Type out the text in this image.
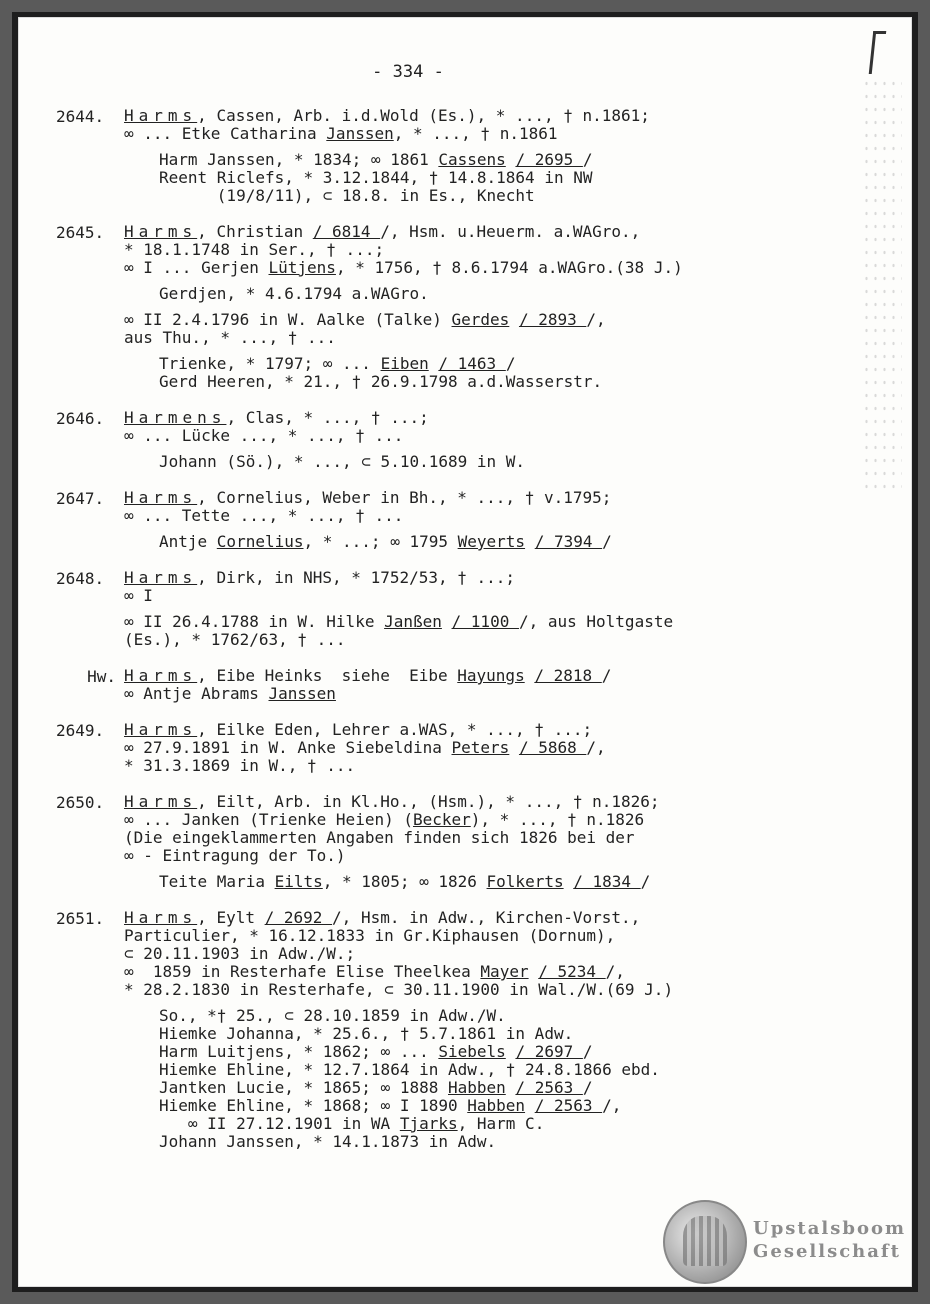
- 334 -
2644.	Harms, Cassen, Arb. i.d.Wold (Es.), * ..., † n.1861;
∞ ... Etke Catharina Janssen, * ..., † n.1861
Harm Janssen, * 1834; ∞ 1861 Cassens / 2695 /
Reent Riclefs, * 3.12.1844, † 14.8.1864 in NW
(19/8/11), ⊂ 18.8. in Es., Knecht
2645.	Harms, Christian / 6814 /, Hsm. u.Heuerm. a.WAGro.,
* 18.1.1748 in Ser., † ...;
∞ I ... Gerjen Lütjens, * 1756, † 8.6.1794 a.WAGro.(38 J.)
Gerdjen, * 4.6.1794 a.WAGro.
∞ II 2.4.1796 in W. Aalke (Talke) Gerdes / 2893 /,
aus Thu., * ..., † ...
Trienke, * 1797; ∞ ... Eiben / 1463 /
Gerd Heeren, * 21., † 26.9.1798 a.d.Wasserstr.
2646.	Harmens, Clas, * ..., † ...;
∞ ... Lücke ..., * ..., † ...
Johann (Sö.), * ..., ⊂ 5.10.1689 in W.
2647.	Harms, Cornelius, Weber in Bh., * ..., † v.1795;
∞ ... Tette ..., * ..., † ...
Antje Cornelius, * ...; ∞ 1795 Weyerts / 7394 /
2648.	Harms, Dirk, in NHS, * 1752/53, † ...;
∞ I
∞ II 26.4.1788 in W. Hilke Janßen / 1100 /, aus Holtgaste
(Es.), * 1762/63, † ...
Hw. Harms, Eibe Heinks  siehe  Eibe Hayungs / 2818 /
∞ Antje Abrams Janssen
2649.	Harms, Eilke Eden, Lehrer a.WAS, * ..., † ...;
∞ 27.9.1891 in W. Anke Siebeldina Peters / 5868 /,
* 31.3.1869 in W., † ...
2650.	Harms, Eilt, Arb. in Kl.Ho., (Hsm.), * ..., † n.1826;
∞ ... Janken (Trienke Heien) (Becker), * ..., † n.1826
(Die eingeklammerten Angaben finden sich 1826 bei der
∞ - Eintragung der To.)
Teite Maria Eilts, * 1805; ∞ 1826 Folkerts / 1834 /
2651.	Harms, Eylt / 2692 /, Hsm. in Adw., Kirchen-Vorst.,
Particulier, * 16.12.1833 in Gr.Kiphausen (Dornum),
⊂ 20.11.1903 in Adw./W.;
∞  1859 in Resterhafe Elise Theelkea Mayer / 5234 /,
* 28.2.1830 in Resterhafe, ⊂ 30.11.1900 in Wal./W.(69 J.)
So., *† 25., ⊂ 28.10.1859 in Adw./W.
Hiemke Johanna, * 25.6., † 5.7.1861 in Adw.
Harm Luitjens, * 1862; ∞ ... Siebels / 2697 /
Hiemke Ehline, * 12.7.1864 in Adw., † 24.8.1866 ebd.
Jantken Lucie, * 1865; ∞ 1888 Habben / 2563 /
Hiemke Ehline, * 1868; ∞ I 1890 Habben / 2563 /,
∞ II 27.12.1901 in WA Tjarks, Harm C.
Johann Janssen, * 14.1.1873 in Adw.
Upstalsboom
Gesellschaft
